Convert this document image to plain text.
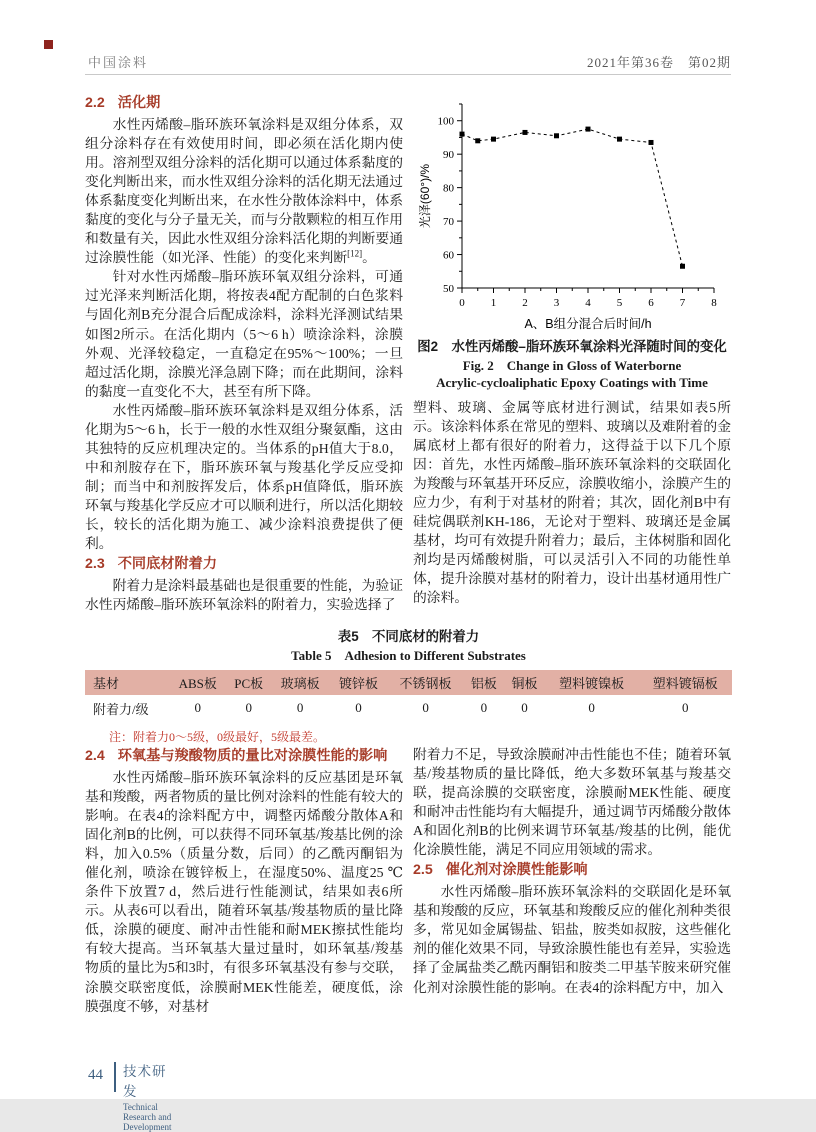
中国涂料	2021年第36卷　第02期
2.2 活化期

水性丙烯酸–脂环族环氧涂料是双组分体系，双组分涂料存在有效使用时间，即必须在活化期内使用。溶剂型双组分涂料的活化期可以通过体系黏度的变化判断出来，而水性双组分涂料的活化期无法通过体系黏度变化判断出来，在水性分散体涂料中，体系黏度的变化与分子量无关，而与分散颗粒的相互作用和数量有关，因此水性双组分涂料活化期的判断要通过涂膜性能（如光泽、性能）的变化来判断[12]。

针对水性丙烯酸–脂环族环氧双组分涂料，可通过光泽来判断活化期，将按表4配方配制的白色浆料与固化剂B充分混合后配成涂料，涂料光泽测试结果如图2所示。在活化期内（5～6 h）喷涂涂料，涂膜外观、光泽较稳定，一直稳定在95%～100%；一旦超过活化期，涂膜光泽急剧下降；而在此期间，涂料的黏度一直变化不大，甚至有所下降。

水性丙烯酸–脂环族环氧涂料是双组分体系，活化期为5～6 h，长于一般的水性双组分聚氨酯，这由其独特的反应机理决定的。当体系的pH值大于8.0，中和剂胺存在下，脂环族环氧与羧基化学反应受抑制；而当中和剂胺挥发后，体系pH值降低，脂环族环氧与羧基化学反应才可以顺利进行，所以活化期较长，较长的活化期为施工、减少涂料浪费提供了便利。

2.3 不同底材附着力

附着力是涂料最基础也是很重要的性能，为验证水性丙烯酸–脂环族环氧涂料的附着力，实验选择了

50
60
70
80
90
100
0 1 2 3 4 5 6 7 8
光泽(60°)/%
A、B组分混合后时间/h
图2　水性丙烯酸–脂环族环氧涂料光泽随时间的变化
Fig. 2　Change in Gloss of Waterborne
Acrylic-cycloaliphatic Epoxy Coatings with Time

塑料、玻璃、金属等底材进行测试，结果如表5所示。该涂料体系在常见的塑料、玻璃以及难附着的金属底材上都有很好的附着力，这得益于以下几个原因：首先，水性丙烯酸–脂环族环氧涂料的交联固化为羧酸与环氧基开环反应，涂膜收缩小，涂膜产生的应力少，有利于对基材的附着；其次，固化剂B中有硅烷偶联剂KH-186，无论对于塑料、玻璃还是金属基材，均可有效提升附着力；最后，主体树脂和固化剂均是丙烯酸树脂，可以灵活引入不同的功能性单体，提升涂膜对基材的附着力，设计出基材通用性广的涂料。

表5　不同底材的附着力
Table 5　Adhesion to Different Substrates
基材	ABS板	PC板	玻璃板	镀锌板	不锈钢板	铝板	铜板	塑料镀镍板	塑料镀镉板
附着力/级	0	0	0	0	0	0	0	0	0
注：附着力0～5级，0级最好，5级最差。
2.4 环氧基与羧酸物质的量比对涂膜性能的影响

水性丙烯酸–脂环族环氧涂料的反应基团是环氧基和羧酸，两者物质的量比例对涂料的性能有较大的影响。在表4的涂料配方中，调整丙烯酸分散体A和固化剂B的比例，可以获得不同环氧基/羧基比例的涂料，加入0.5%（质量分数，后同）的乙酰丙酮铝为催化剂，喷涂在镀锌板上，在湿度50%、温度25 ℃条件下放置7 d，然后进行性能测试，结果如表6所示。从表6可以看出，随着环氧基/羧基物质的量比降低，涂膜的硬度、耐冲击性能和耐MEK擦拭性能均有较大提高。当环氧基大量过量时，如环氧基/羧基物质的量比为5和3时，有很多环氧基没有参与交联，涂膜交联密度低，涂膜耐MEK性能差，硬度低，涂膜强度不够，对基材

附着力不足，导致涂膜耐冲击性能也不佳；随着环氧基/羧基物质的量比降低，绝大多数环氧基与羧基交联，提高涂膜的交联密度，涂膜耐MEK性能、硬度和耐冲击性能均有大幅提升，通过调节丙烯酸分散体A和固化剂B的比例来调节环氧基/羧基的比例，能优化涂膜性能，满足不同应用领域的需求。

2.5 催化剂对涂膜性能影响

水性丙烯酸–脂环族环氧涂料的交联固化是环氧基和羧酸的反应，环氧基和羧酸反应的催化剂种类很多，常见如金属锡盐、铝盐，胺类如叔胺，这些催化剂的催化效果不同，导致涂膜性能也有差异，实验选择了金属盐类乙酰丙酮铝和胺类二甲基苄胺来研究催化剂对涂膜性能的影响。在表4的涂料配方中，加入

44 技术研发
Technical Research and Development
